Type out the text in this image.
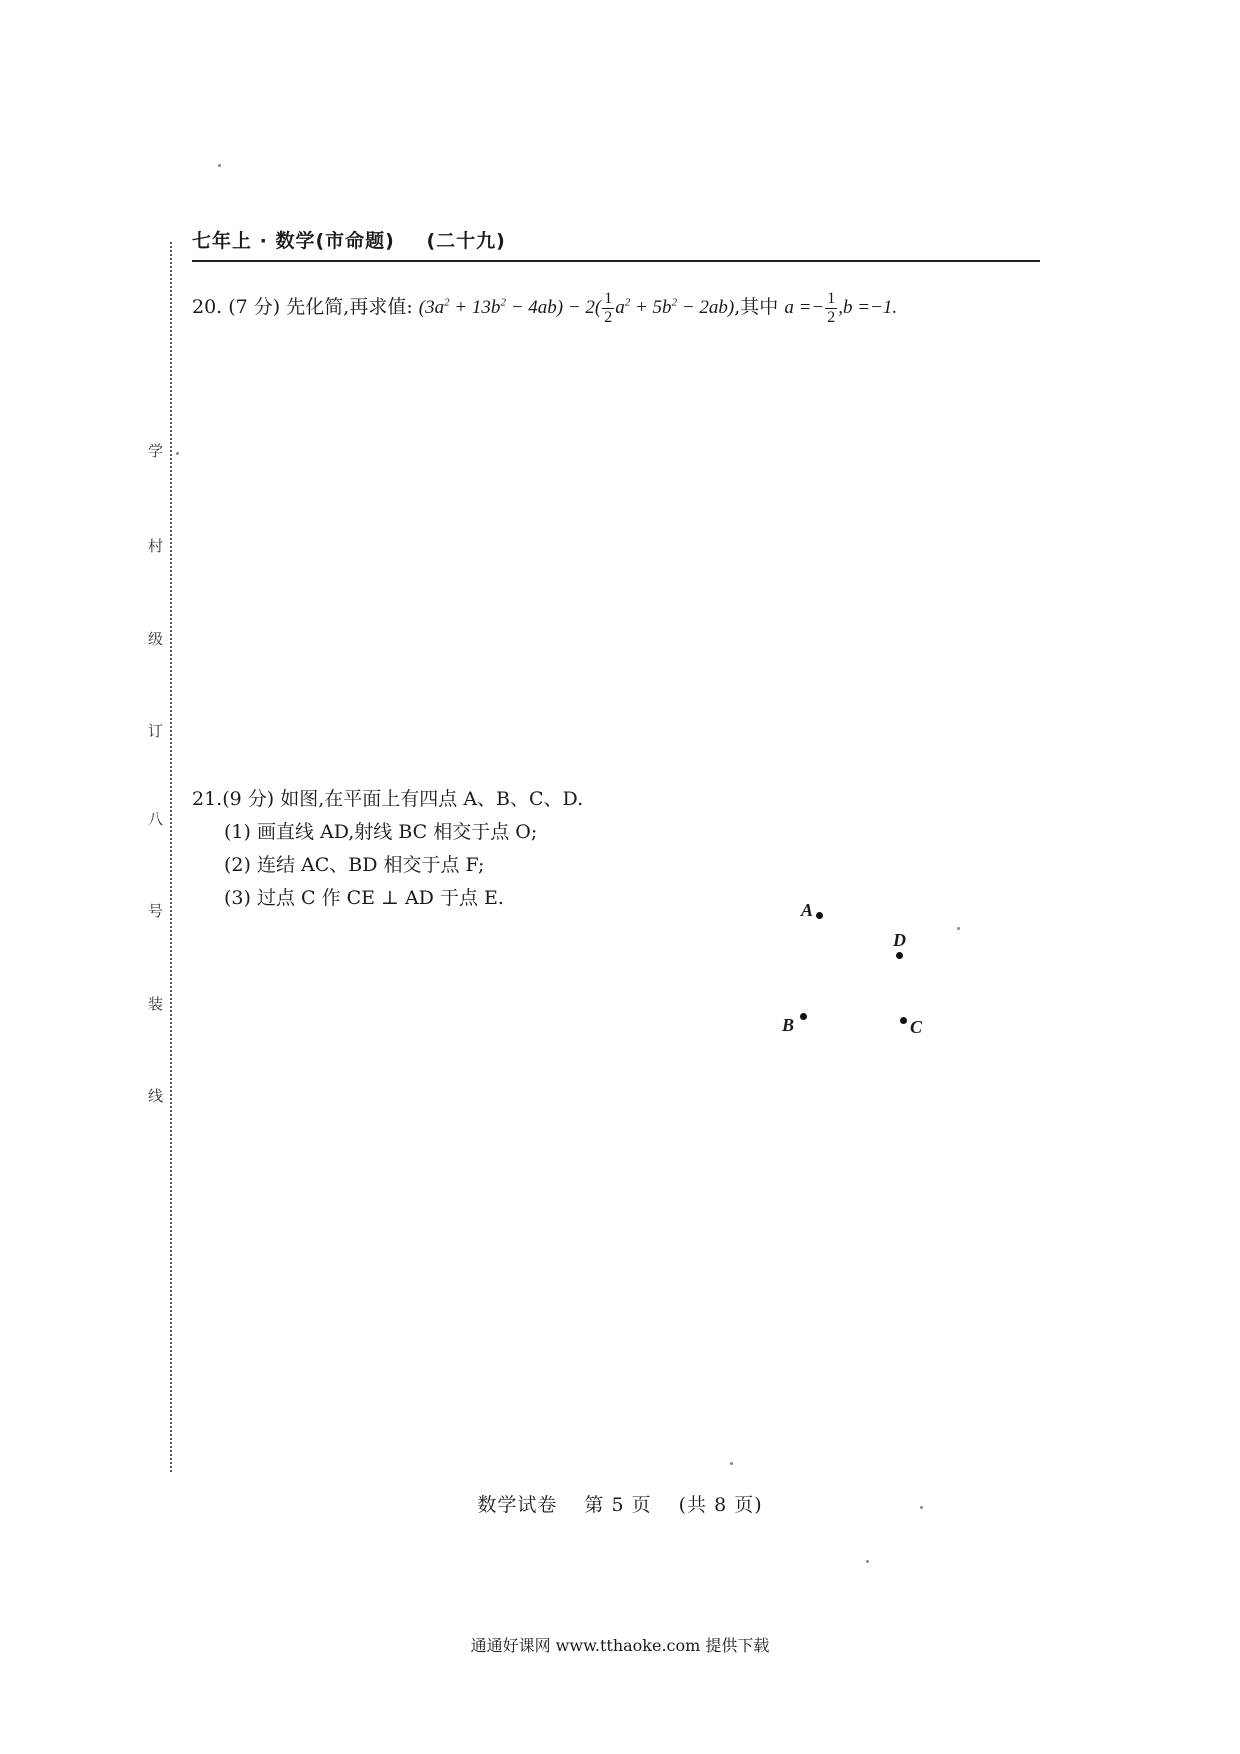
七年上 · 数学(市命题) (二十九)
学
村
级
订
八
号
装
线
20. (7 分) 先化简,再求值: $(3a^2 + 13b^2 - 4ab) - 2( \frac{1}{2} a^2 + 5b^2 - 2ab)$,其中 $a =- \frac{1}{2} ,b =-1$.
21.(9 分) 如图,在平面上有四点 A、B、C、D.
(1) 画直线 AD,射线 BC 相交于点 O;
(2) 连结 AC、BD 相交于点 F;
(3) 过点 C 作 CE ⊥ AD 于点 E.
A
D
B	C
数学试卷 第 5 页 (共 8 页)
通通好课网 www.tthaoke.com 提供下载
